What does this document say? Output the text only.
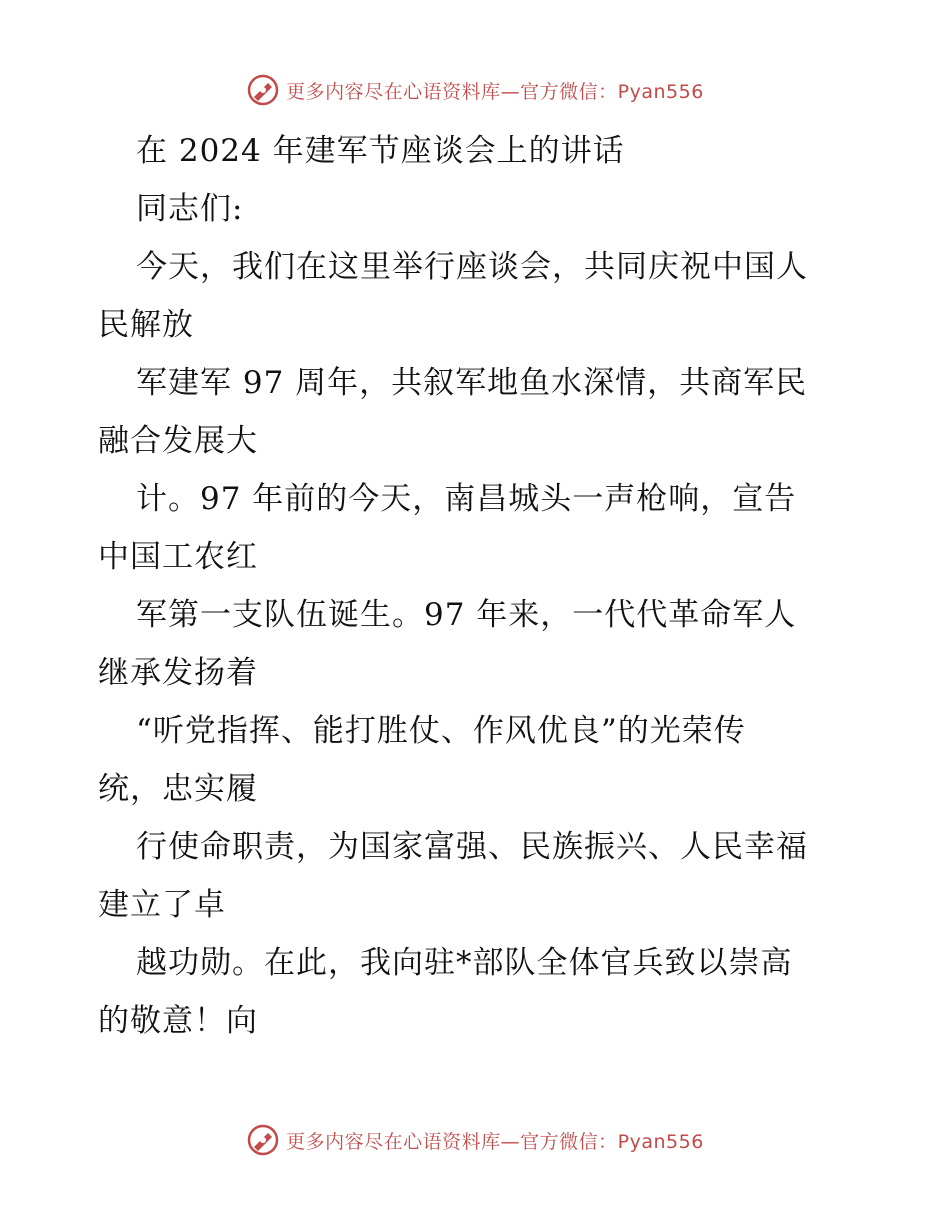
更多内容尽在心语资料库—官方微信：Pyan556
在 2024 年建军节座谈会上的讲话
同志们:
今天，我们在这里举行座谈会，共同庆祝中国人
民解放
军建军 97 周年，共叙军地鱼水深情，共商军民
融合发展大
计。97 年前的今天，南昌城头一声枪响，宣告
中国工农红
军第一支队伍诞生。97 年来，一代代革命军人
继承发扬着
“听党指挥、能打胜仗、作风优良”的光荣传
统，忠实履
行使命职责，为国家富强、民族振兴、人民幸福
建立了卓
越功勋。在此，我向驻*部队全体官兵致以崇高
的敬意！向
更多内容尽在心语资料库—官方微信：Pyan556
